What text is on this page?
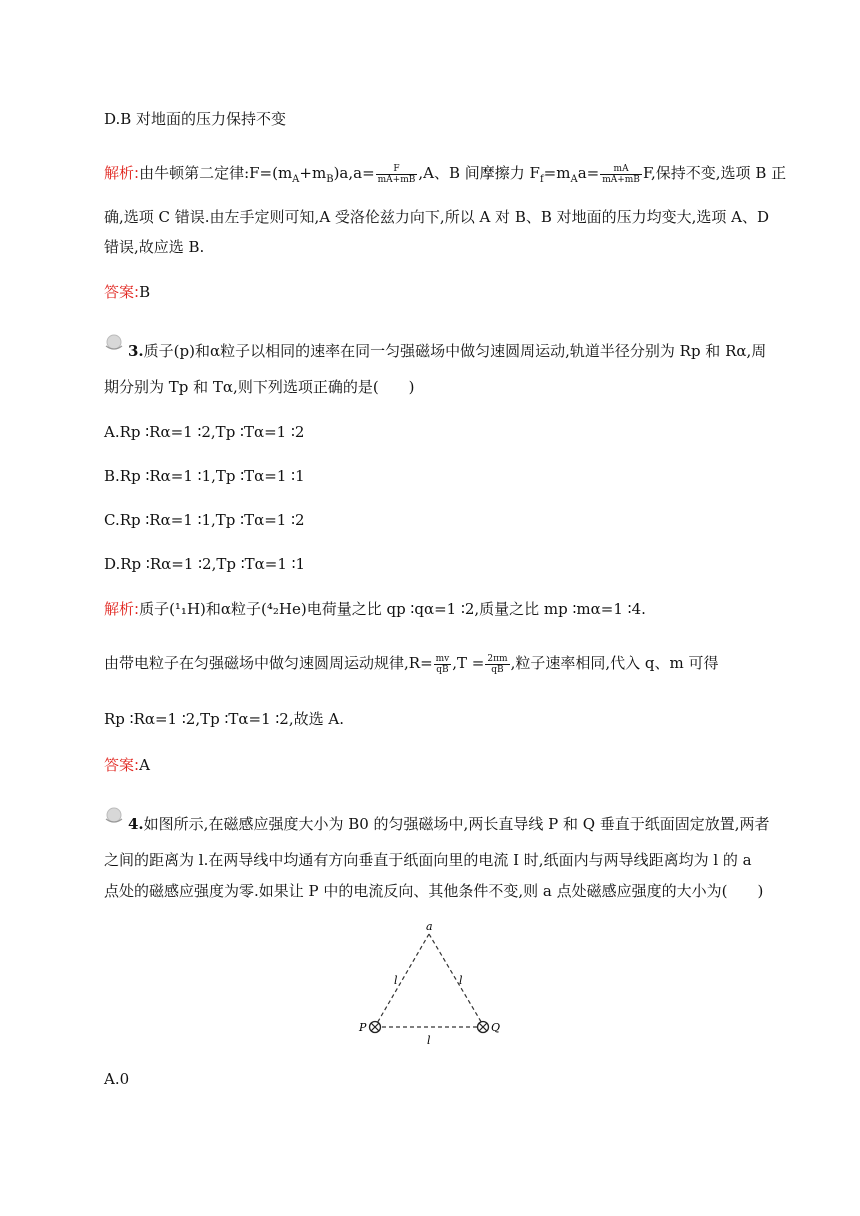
D.B 对地面的压力保持不变
解析:由牛顿第二定律$:F=(m_A+m_B)a,a= \frac{F}{mA+mB} ,A$、B 间摩擦力 $F_f=m_Aa= \frac{mA}{mA+mB} F$,保持不变,选项 B 正
确,选项 C 错误.由左手定则可知,A 受洛伦兹力向下,所以 A 对 B、B 对地面的压力均变大,选项 A、D
错误,故应选 B.
答案:B
3.质子(p)和α粒子以相同的速率在同一匀强磁场中做匀速圆周运动,轨道半径分别为 Rp 和 Rα,周
期分别为 Tp 和 Tα,则下列选项正确的是(　　)
A.Rp ∶Rα=1 ∶2,Tp ∶Tα=1 ∶2
B.Rp ∶Rα=1 ∶1,Tp ∶Tα=1 ∶1
C.Rp ∶Rα=1 ∶1,Tp ∶Tα=1 ∶2
D.Rp ∶Rα=1 ∶2,Tp ∶Tα=1 ∶1
解析:质子(¹₁H)和α粒子(⁴₂He)电荷量之比 qp ∶qα=1 ∶2,质量之比 mp ∶mα=1 ∶4.
由带电粒子在匀强磁场中做匀速圆周运动规律$,R= \frac{mv}{qB} ,T = \frac{2\pi m}{qB}$ ,粒子速率相同,代入 q、m 可得
Rp ∶Rα=1 ∶2,Tp ∶Tα=1 ∶2,故选 A.
答案:A
4.如图所示,在磁感应强度大小为 B0 的匀强磁场中,两长直导线 P 和 Q 垂直于纸面固定放置,两者
之间的距离为 l.在两导线中均通有方向垂直于纸面向里的电流 I 时,纸面内与两导线距离均为 l 的 a
点处的磁感应强度为零.如果让 P 中的电流反向、其他条件不变,则 a 点处磁感应强度的大小为(　　)
a
P	Q
l	l
l
A.0
